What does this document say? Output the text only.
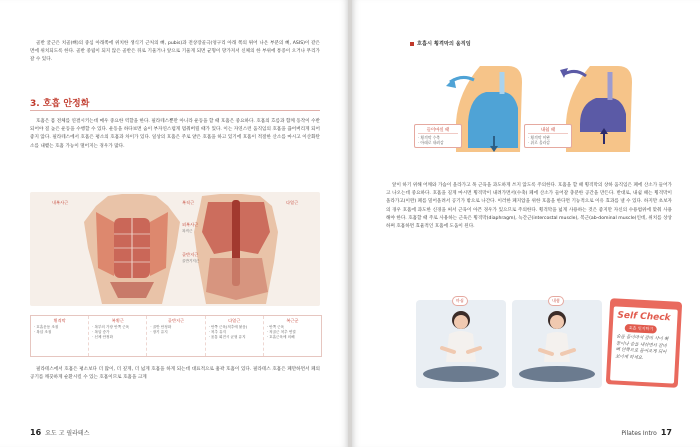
골반 굴근은 치골(뼈)의 중심 아래쪽에 위치한 생식기 근처의 뼈, pubis)과 전상장골극(엉구리 아래 쪽의 튀어 나온 부분의 뼈, ASIS)이 같은 면에 위치되도록 한다. 골반 중립이 되지 않은 골반은 뒤로 기울거나 앞으로 기울게 되면 균형이 망가져서 신체의 한 부위에 통증이 오거나 무리가 갈 수 있다.

3. 호흡 안정화

호흡은 몸 전체를 연결시키는데 매우 중요한 역할을 한다. 필라테스뿐만 아니라 운동을 할 때 호흡은 중요하다. 호흡의 흐름과 함께 동작이 수반되어야 질 높은 운동을 수행할 수 있다. 운동을 하다보면 숨이 부자연스럽게 멈춰버릴 때가 있다. 이는 자연스런 움직임의 호흡을 끊어버리게 되어 좋지 않다. 필라테스에서 호흡은 평소의 호흡과 차이가 있다. 일상의 호흡은 주로 얕은 호흡을 하고 있기에 호흡이 적절한 산소를 마시고 이산화탄소를 내뱉는 호흡 가능이 떨어지는 경우가 많다.

내복사근	복직근
외복사근
복직근
골반저근
골반기저근
다열근
횡격막
· 호흡운동 조절
· 복압 조절
복횡근
· 복부의 가장 안쪽 근육
· 복압 증가
· 신체 안정화
골반저근
· 골반 안정화
· 장기 유지
다열근
· 안쪽 근육(척추에 붙음)
· 척추 유지
· 움통 회전시 균형 유지
복근군
· 안쪽 근육
· 척골근 척추 연결
· 호흡근육에 의해

필라테스에서 호흡은 평소보다 더 많이, 더 깊게, 더 넓게 호흡을 하게 되는데 대표적으로 흉곽 호흡이 있다. 필라테스 호흡은 폐만하면서 폐의 공기를 깨끗하게 순환시킬 수 있는 호흡이므로 호흡을 크게

16 요도 고 필라테스
호흡시 횡격막의 움직임
들이마실 때
· 횡격막 수축
· 아래로 내려감
내쉴 때
· 횡격막 이완
· 위로 올라감

앞이 하기 위해 어깨와 가슴이 올라가고 목 근육을 과도하게 쓰지 않도록 주의한다. 호흡을 할 때 횡격막의 상하 움직임은 폐에 산소가 들어가고 나오는데 중요하다. 호흡을 길게 마시면 횡격막이 내려가면서(수축) 폐에 산소가 들어갈 충분한 공간을 만든다. 반대로, 내쉴 때는 횡격막이 올라가고(이완) 폐를 밀어올려서 공기가 밖으로 나간다. 이러한 폐지압을 위한 호흡을 한다면 기능적으로 이유 효과를 낼 수 있다. 하지만 초보자의 경우 호흡에 과도한 신경을 써서 근육이 아픈 경우가 있으므로 주의한다. 횡격막을 넓게 사용하는 것은 좋지만 자신의 수용범위에 맞춰 사용해야 한다. 호흡할 때 주로 사용하는 근육은 횡격막(diaphragm), 늑간근(intercostal muscle), 복근(ab-dominal muscle)인데, 위치를 상상하며 호흡하면 효율적인 호흡에 도움이 된다.

마심	내쉼
Self Check
호흡 인지하기
숨을 들이마셔 갈비 사이 확장이나 숨을 내쉬면서 갈비 뼈 안쪽으로 들어오게 되어 보이게 하세요.
Pilates Intro 17
